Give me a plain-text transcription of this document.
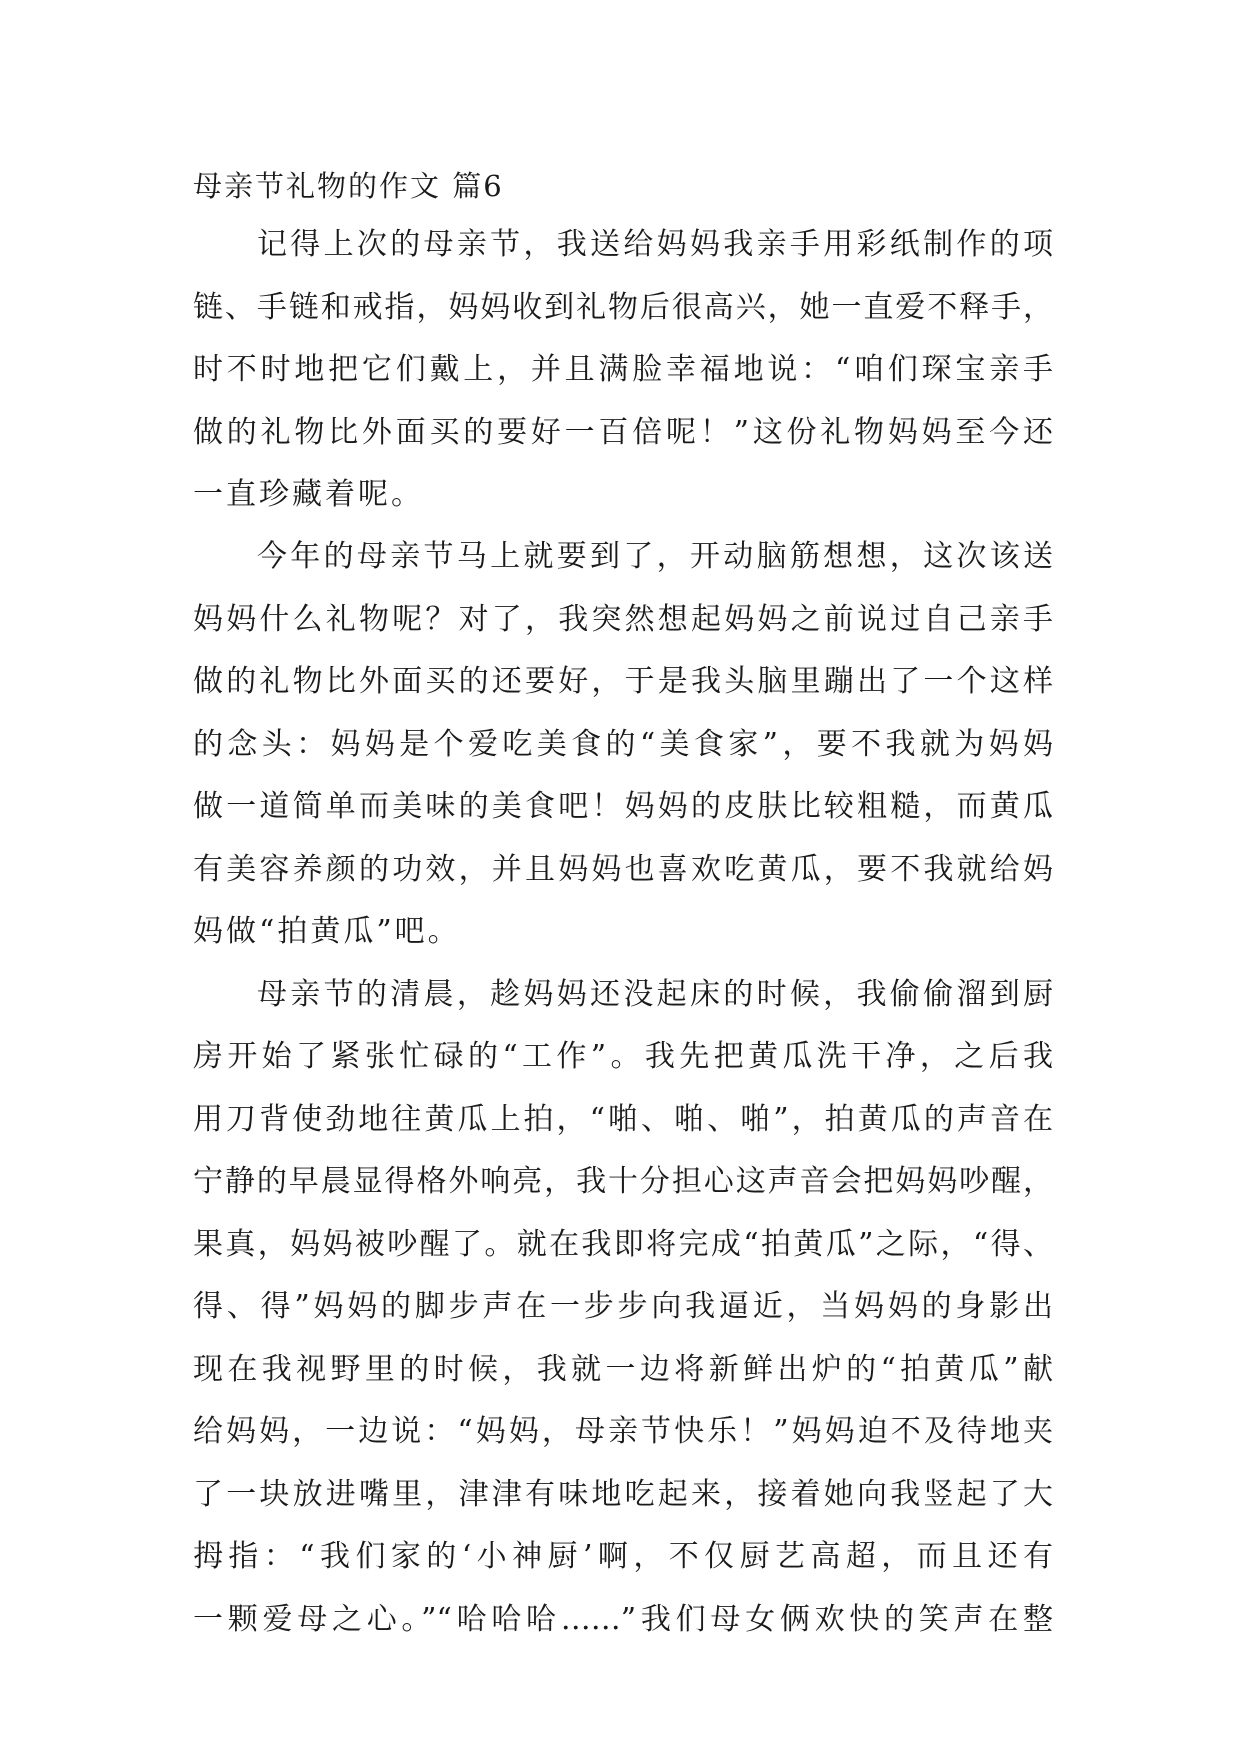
母亲节礼物的作文 篇6
记得上次的母亲节，我送给妈妈我亲手用彩纸制作的项
链、手链和戒指，妈妈收到礼物后很高兴，她一直爱不释手，
时不时地把它们戴上，并且满脸幸福地说：“咱们琛宝亲手
做的礼物比外面买的要好一百倍呢！”这份礼物妈妈至今还
一直珍藏着呢。
今年的母亲节马上就要到了，开动脑筋想想，这次该送
妈妈什么礼物呢？对了，我突然想起妈妈之前说过自己亲手
做的礼物比外面买的还要好，于是我头脑里蹦出了一个这样
的念头：妈妈是个爱吃美食的“美食家”，要不我就为妈妈
做一道简单而美味的美食吧！妈妈的皮肤比较粗糙，而黄瓜
有美容养颜的功效，并且妈妈也喜欢吃黄瓜，要不我就给妈
妈做“拍黄瓜”吧。
母亲节的清晨，趁妈妈还没起床的时候，我偷偷溜到厨
房开始了紧张忙碌的“工作”。我先把黄瓜洗干净，之后我
用刀背使劲地往黄瓜上拍，“啪、啪、啪”，拍黄瓜的声音在
宁静的早晨显得格外响亮，我十分担心这声音会把妈妈吵醒，
果真，妈妈被吵醒了。就在我即将完成“拍黄瓜”之际，“得、
得、得”妈妈的脚步声在一步步向我逼近，当妈妈的身影出
现在我视野里的时候，我就一边将新鲜出炉的“拍黄瓜”献
给妈妈，一边说：“妈妈，母亲节快乐！”妈妈迫不及待地夹
了一块放进嘴里，津津有味地吃起来，接着她向我竖起了大
拇指：“我们家的‘小神厨’啊，不仅厨艺高超，而且还有
一颗爱母之心。”“哈哈哈……”我们母女俩欢快的笑声在整
